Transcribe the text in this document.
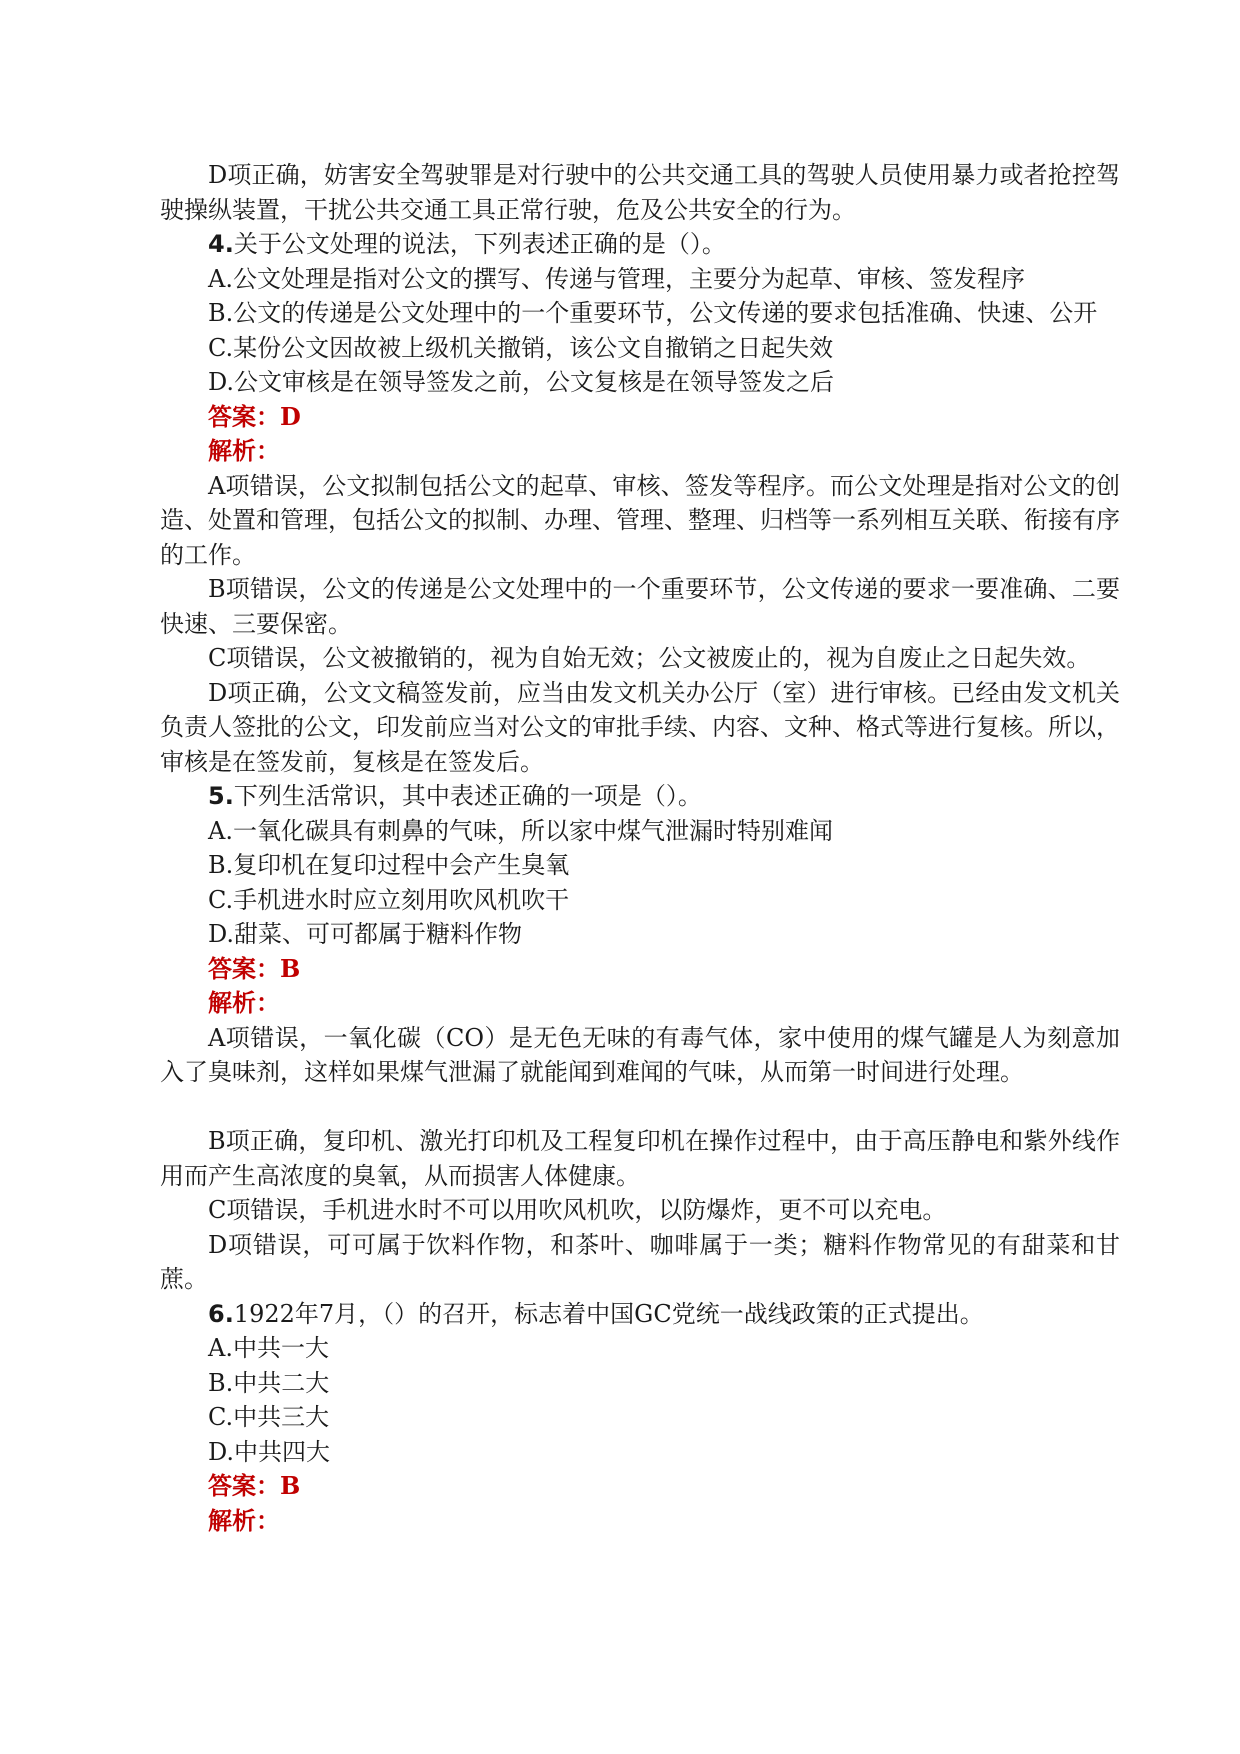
D项正确，妨害安全驾驶罪是对行驶中的公共交通工具的驾驶人员使用暴力或者抢控驾驶操纵装置，干扰公共交通工具正常行驶，危及公共安全的行为。

4.关于公文处理的说法，下列表述正确的是（）。

A.公文处理是指对公文的撰写、传递与管理，主要分为起草、审核、签发程序

B.公文的传递是公文处理中的一个重要环节，公文传递的要求包括准确、快速、公开

C.某份公文因故被上级机关撤销，该公文自撤销之日起失效

D.公文审核是在领导签发之前，公文复核是在领导签发之后

答案：D

解析：

A项错误，公文拟制包括公文的起草、审核、签发等程序。而公文处理是指对公文的创造、处置和管理，包括公文的拟制、办理、管理、整理、归档等一系列相互关联、衔接有序的工作。

B项错误，公文的传递是公文处理中的一个重要环节，公文传递的要求一要准确、二要快速、三要保密。

C项错误，公文被撤销的，视为自始无效；公文被废止的，视为自废止之日起失效。

D项正确，公文文稿签发前，应当由发文机关办公厅（室）进行审核。已经由发文机关负责人签批的公文，印发前应当对公文的审批手续、内容、文种、格式等进行复核。所以，审核是在签发前，复核是在签发后。

5.下列生活常识，其中表述正确的一项是（）。

A.一氧化碳具有刺鼻的气味，所以家中煤气泄漏时特别难闻

B.复印机在复印过程中会产生臭氧

C.手机进水时应立刻用吹风机吹干

D.甜菜、可可都属于糖料作物

答案：B

解析：

A项错误，一氧化碳（CO）是无色无味的有毒气体，家中使用的煤气罐是人为刻意加入了臭味剂，这样如果煤气泄漏了就能闻到难闻的气味，从而第一时间进行处理。

B项正确，复印机、激光打印机及工程复印机在操作过程中，由于高压静电和紫外线作用而产生高浓度的臭氧，从而损害人体健康。

C项错误，手机进水时不可以用吹风机吹，以防爆炸，更不可以充电。

D项错误，可可属于饮料作物，和茶叶、咖啡属于一类；糖料作物常见的有甜菜和甘蔗。

6.1922年7月，（）的召开，标志着中国GC党统一战线政策的正式提出。

A.中共一大

B.中共二大

C.中共三大

D.中共四大

答案：B

解析：
